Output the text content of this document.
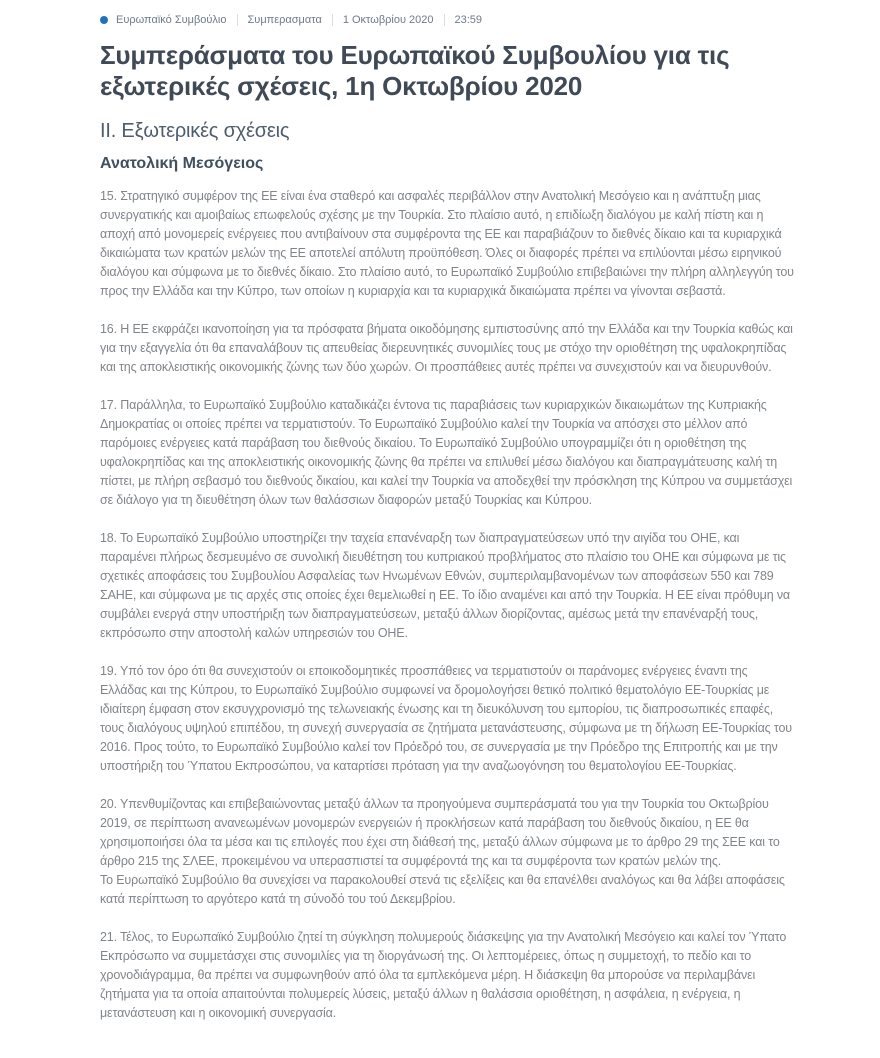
Ευρωπαϊκό Συμβούλιο	Συμπερασματα	1 Οκτωβρίου 2020	23:59
Συμπεράσματα του Ευρωπαϊκού Συμβουλίου για τις εξωτερικές σχέσεις, 1η Οκτωβρίου 2020
ΙΙ. Εξωτερικές σχέσεις
Ανατολική Μεσόγειος

15. Στρατηγικό συμφέρον της ΕΕ είναι ένα σταθερό και ασφαλές περιβάλλον στην Ανατολική Μεσόγειο και η ανάπτυξη μιας συνεργατικής και αμοιβαίως επωφελούς σχέσης με την Τουρκία. Στο πλαίσιο αυτό, η επιδίωξη διαλόγου με καλή πίστη και η αποχή από μονομερείς ενέργειες που αντιβαίνουν στα συμφέροντα της ΕΕ και παραβιάζουν το διεθνές δίκαιο και τα κυριαρχικά δικαιώματα των κρατών μελών της ΕΕ αποτελεί απόλυτη προϋπόθεση. Όλες οι διαφορές πρέπει να επιλύονται μέσω ειρηνικού διαλόγου και σύμφωνα με το διεθνές δίκαιο. Στο πλαίσιο αυτό, το Ευρωπαϊκό Συμβούλιο επιβεβαιώνει την πλήρη αλληλεγγύη του προς την Ελλάδα και την Κύπρο, των οποίων η κυριαρχία και τα κυριαρχικά δικαιώματα πρέπει να γίνονται σεβαστά.

16. Η ΕΕ εκφράζει ικανοποίηση για τα πρόσφατα βήματα οικοδόμησης εμπιστοσύνης από την Ελλάδα και την Τουρκία καθώς και για την εξαγγελία ότι θα επαναλάβουν τις απευθείας διερευνητικές συνομιλίες τους με στόχο την οριοθέτηση της υφαλοκρηπίδας και της αποκλειστικής οικονομικής ζώνης των δύο χωρών. Οι προσπάθειες αυτές πρέπει να συνεχιστούν και να διευρυνθούν.

17. Παράλληλα, το Ευρωπαϊκό Συμβούλιο καταδικάζει έντονα τις παραβιάσεις των κυριαρχικών δικαιωμάτων της Κυπριακής Δημοκρατίας οι οποίες πρέπει να τερματιστούν. Το Ευρωπαϊκό Συμβούλιο καλεί την Τουρκία να απόσχει στο μέλλον από παρόμοιες ενέργειες κατά παράβαση του διεθνούς δικαίου. Το Ευρωπαϊκό Συμβούλιο υπογραμμίζει ότι η οριοθέτηση της υφαλοκρηπίδας και της αποκλειστικής οικονομικής ζώνης θα πρέπει να επιλυθεί μέσω διαλόγου και διαπραγμάτευσης καλή τη πίστει, με πλήρη σεβασμό του διεθνούς δικαίου, και καλεί την Τουρκία να αποδεχθεί την πρόσκληση της Κύπρου να συμμετάσχει σε διάλογο για τη διευθέτηση όλων των θαλάσσιων διαφορών μεταξύ Τουρκίας και Κύπρου.

18. Το Ευρωπαϊκό Συμβούλιο υποστηρίζει την ταχεία επανέναρξη των διαπραγματεύσεων υπό την αιγίδα του ΟΗΕ, και παραμένει πλήρως δεσμευμένο σε συνολική διευθέτηση του κυπριακού προβλήματος στο πλαίσιο του ΟΗΕ και σύμφωνα με τις σχετικές αποφάσεις του Συμβουλίου Ασφαλείας των Ηνωμένων Εθνών, συμπεριλαμβανομένων των αποφάσεων 550 και 789 ΣΑΗΕ, και σύμφωνα με τις αρχές στις οποίες έχει θεμελιωθεί η ΕΕ. Το ίδιο αναμένει και από την Τουρκία. Η ΕΕ είναι πρόθυμη να συμβάλει ενεργά στην υποστήριξη των διαπραγματεύσεων, μεταξύ άλλων διορίζοντας, αμέσως μετά την επανέναρξή τους, εκπρόσωπο στην αποστολή καλών υπηρεσιών του ΟΗΕ.

19. Υπό τον όρο ότι θα συνεχιστούν οι εποικοδομητικές προσπάθειες να τερματιστούν οι παράνομες ενέργειες έναντι της Ελλάδας και της Κύπρου, το Ευρωπαϊκό Συμβούλιο συμφωνεί να δρομολογήσει θετικό πολιτικό θεματολόγιο ΕΕ-Τουρκίας με ιδιαίτερη έμφαση στον εκσυγχρονισμό της τελωνειακής ένωσης και τη διευκόλυνση του εμπορίου, τις διαπροσωπικές επαφές, τους διαλόγους υψηλού επιπέδου, τη συνεχή συνεργασία σε ζητήματα μετανάστευσης, σύμφωνα με τη δήλωση ΕΕ-Τουρκίας του 2016. Προς τούτο, το Ευρωπαϊκό Συμβούλιο καλεί τον Πρόεδρό του, σε συνεργασία με την Πρόεδρο της Επιτροπής και με την υποστήριξη του Ύπατου Εκπροσώπου, να καταρτίσει πρόταση για την αναζωογόνηση του θεματολογίου ΕΕ-Τουρκίας.

20. Υπενθυμίζοντας και επιβεβαιώνοντας μεταξύ άλλων τα προηγούμενα συμπεράσματά του για την Τουρκία του Οκτωβρίου 2019, σε περίπτωση ανανεωμένων μονομερών ενεργειών ή προκλήσεων κατά παράβαση του διεθνούς δικαίου, η ΕΕ θα χρησιμοποιήσει όλα τα μέσα και τις επιλογές που έχει στη διάθεσή της, μεταξύ άλλων σύμφωνα με το άρθρο 29 της ΣΕΕ και το άρθρο 215 της ΣΛΕΕ, προκειμένου να υπερασπιστεί τα συμφέροντά της και τα συμφέροντα των κρατών μελών της.
Το Ευρωπαϊκό Συμβούλιο θα συνεχίσει να παρακολουθεί στενά τις εξελίξεις και θα επανέλθει αναλόγως και θα λάβει αποφάσεις κατά περίπτωση το αργότερο κατά τη σύνοδό του τού Δεκεμβρίου.

21. Τέλος, το Ευρωπαϊκό Συμβούλιο ζητεί τη σύγκληση πολυμερούς διάσκεψης για την Ανατολική Μεσόγειο και καλεί τον Ύπατο Εκπρόσωπο να συμμετάσχει στις συνομιλίες για τη διοργάνωσή της. Οι λεπτομέρειες, όπως η συμμετοχή, το πεδίο και το χρονοδιάγραμμα, θα πρέπει να συμφωνηθούν από όλα τα εμπλεκόμενα μέρη. Η διάσκεψη θα μπορούσε να περιλαμβάνει ζητήματα για τα οποία απαιτούνται πολυμερείς λύσεις, μεταξύ άλλων η θαλάσσια οριοθέτηση, η ασφάλεια, η ενέργεια, η μετανάστευση και η οικονομική συνεργασία.
